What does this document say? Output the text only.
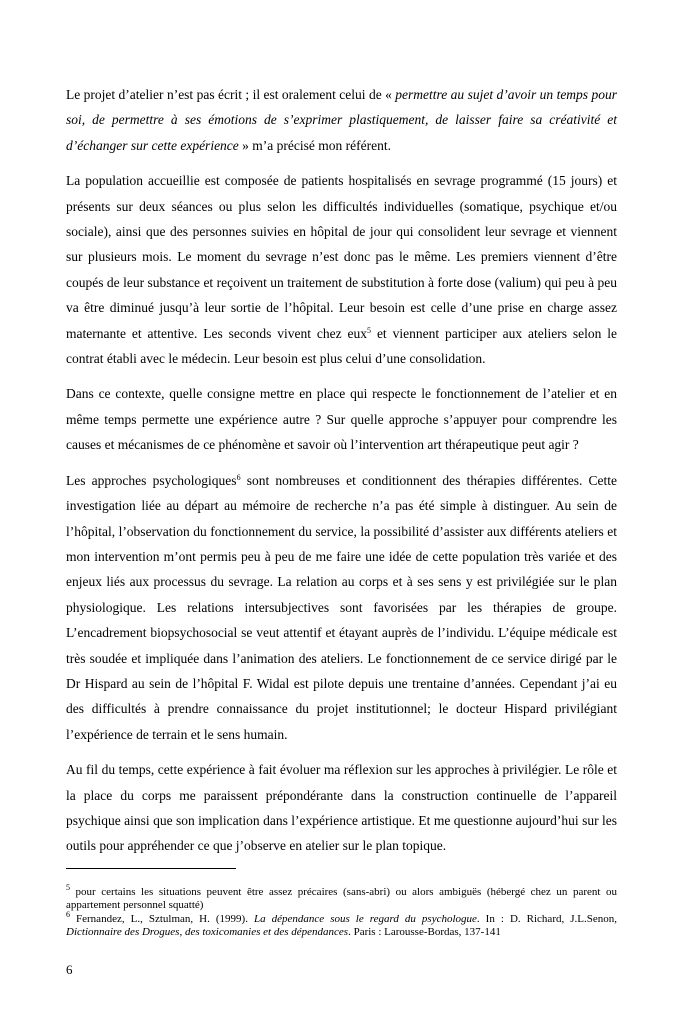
Le projet d’atelier n’est pas écrit ; il est oralement celui de « permettre au sujet d’avoir un temps pour soi, de permettre à ses émotions de s’exprimer plastiquement, de laisser faire sa créativité et d’échanger sur cette expérience » m’a précisé mon référent.

La population accueillie est composée de patients hospitalisés en sevrage programmé (15 jours) et présents sur deux séances ou plus selon les difficultés individuelles (somatique, psychique et/ou sociale), ainsi que des personnes suivies en hôpital de jour qui consolident leur sevrage et viennent sur plusieurs mois. Le moment du sevrage n’est donc pas le même. Les premiers viennent d’être coupés de leur substance et reçoivent un traitement de substitution à forte dose (valium) qui peu à peu va être diminué jusqu’à leur sortie de l’hôpital. Leur besoin est celle d’une prise en charge assez maternante et attentive. Les seconds vivent chez eux$^5$ et viennent participer aux ateliers selon le contrat établi avec le médecin. Leur besoin est plus celui d’une consolidation.

Dans ce contexte, quelle consigne mettre en place qui respecte le fonctionnement de l’atelier et en même temps permette une expérience autre ? Sur quelle approche s’appuyer pour comprendre les causes et mécanismes de ce phénomène et savoir où l’intervention art thérapeutique peut agir ?

Les approches psychologiques$^6$ sont nombreuses et conditionnent des thérapies différentes. Cette investigation liée au départ au mémoire de recherche n’a pas été simple à distinguer. Au sein de l’hôpital, l’observation du fonctionnement du service, la possibilité d’assister aux différents ateliers et mon intervention m’ont permis peu à peu de me faire une idée de cette population très variée et des enjeux liés aux processus du sevrage. La relation au corps et à ses sens y est privilégiée sur le plan physiologique. Les relations intersubjectives sont favorisées par les thérapies de groupe. L’encadrement biopsychosocial se veut attentif et étayant auprès de l’individu. L’équipe médicale est très soudée et impliquée dans l’animation des ateliers. Le fonctionnement de ce service dirigé par le Dr Hispard au sein de l’hôpital F. Widal est pilote depuis une trentaine d’années. Cependant j’ai eu des difficultés à prendre connaissance du projet institutionnel; le docteur Hispard privilégiant l’expérience de terrain et le sens humain.

Au fil du temps, cette expérience à fait évoluer ma réflexion sur les approches à privilégier. Le rôle et la place du corps me paraissent prépondérante dans la construction continuelle de l’appareil psychique ainsi que son implication dans l’expérience artistique. Et me questionne aujourd’hui sur les outils pour appréhender ce que j’observe en atelier sur le plan topique.

$^5$ pour certains les situations peuvent être assez précaires (sans-abri) ou alors ambiguës (hébergé chez un parent ou appartement personnel squatté)

$^6$ Fernandez, L., Sztulman, H. (1999). La dépendance sous le regard du psychologue. In : D. Richard, J.L.Senon, Dictionnaire des Drogues, des toxicomanies et des dépendances. Paris : Larousse-Bordas, 137-141

6
